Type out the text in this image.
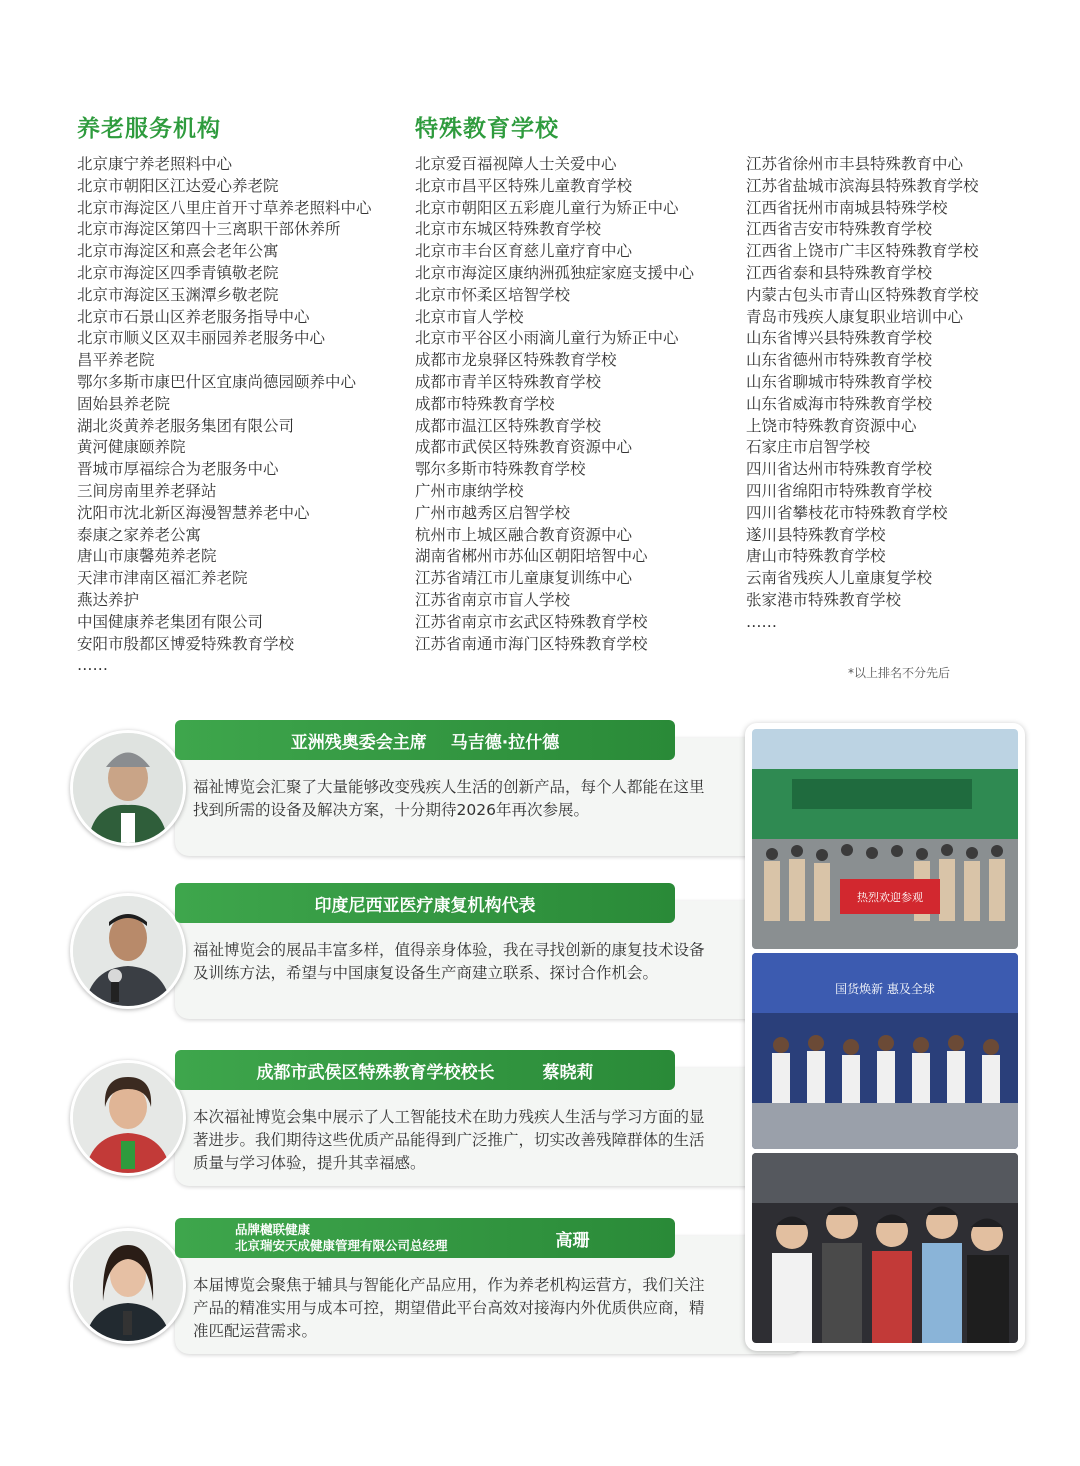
养老服务机构
北京康宁养老照料中心
北京市朝阳区江达爱心养老院
北京市海淀区八里庄首开寸草养老照料中心
北京市海淀区第四十三离职干部休养所
北京市海淀区和熹会老年公寓
北京市海淀区四季青镇敬老院
北京市海淀区玉渊潭乡敬老院
北京市石景山区养老服务指导中心
北京市顺义区双丰丽园养老服务中心
昌平养老院
鄂尔多斯市康巴什区宜康尚德园颐养中心
固始县养老院
湖北炎黄养老服务集团有限公司
黄河健康颐养院
晋城市厚福综合为老服务中心
三间房南里养老驿站
沈阳市沈北新区海漫智慧养老中心
泰康之家养老公寓
唐山市康馨苑养老院
天津市津南区福汇养老院
燕达养护
中国健康养老集团有限公司
安阳市殷都区博爱特殊教育学校
……
特殊教育学校
北京爱百福视障人士关爱中心
北京市昌平区特殊儿童教育学校
北京市朝阳区五彩鹿儿童行为矫正中心
北京市东城区特殊教育学校
北京市丰台区育慈儿童疗育中心
北京市海淀区康纳洲孤独症家庭支援中心
北京市怀柔区培智学校
北京市盲人学校
北京市平谷区小雨滴儿童行为矫正中心
成都市龙泉驿区特殊教育学校
成都市青羊区特殊教育学校
成都市特殊教育学校
成都市温江区特殊教育学校
成都市武侯区特殊教育资源中心
鄂尔多斯市特殊教育学校
广州市康纳学校
广州市越秀区启智学校
杭州市上城区融合教育资源中心
湖南省郴州市苏仙区朝阳培智中心
江苏省靖江市儿童康复训练中心
江苏省南京市盲人学校
江苏省南京市玄武区特殊教育学校
江苏省南通市海门区特殊教育学校
江苏省徐州市丰县特殊教育中心
江苏省盐城市滨海县特殊教育学校
江西省抚州市南城县特殊学校
江西省吉安市特殊教育学校
江西省上饶市广丰区特殊教育学校
江西省泰和县特殊教育学校
内蒙古包头市青山区特殊教育学校
青岛市残疾人康复职业培训中心
山东省博兴县特殊教育学校
山东省德州市特殊教育学校
山东省聊城市特殊教育学校
山东省威海市特殊教育学校
上饶市特殊教育资源中心
石家庄市启智学校
四川省达州市特殊教育学校
四川省绵阳市特殊教育学校
四川省攀枝花市特殊教育学校
遂川县特殊教育学校
唐山市特殊教育学校
云南省残疾人儿童康复学校
张家港市特殊教育学校
……
*以上排名不分先后
亚洲残奥委会主席 马吉德·拉什德

福祉博览会汇聚了大量能够改变残疾人生活的创新产品，每个人都能在这里找到所需的设备及解决方案，十分期待2026年再次参展。

印度尼西亚医疗康复机构代表

福祉博览会的展品丰富多样，值得亲身体验，我在寻找创新的康复技术设备及训练方法，希望与中国康复设备生产商建立联系、探讨合作机会。

成都市武侯区特殊教育学校校长	蔡晓莉

本次福祉博览会集中展示了人工智能技术在助力残疾人生活与学习方面的显著进步。我们期待这些优质产品能得到广泛推广，切实改善残障群体的生活质量与学习体验，提升其幸福感。

品牌樾联健康
北京瑞安天成健康管理有限公司总经理	高珊

本届博览会聚焦于辅具与智能化产品应用，作为养老机构运营方，我们关注产品的精准实用与成本可控，期望借此平台高效对接海内外优质供应商，精准匹配运营需求。

热烈欢迎参观
国货焕新 惠及全球
